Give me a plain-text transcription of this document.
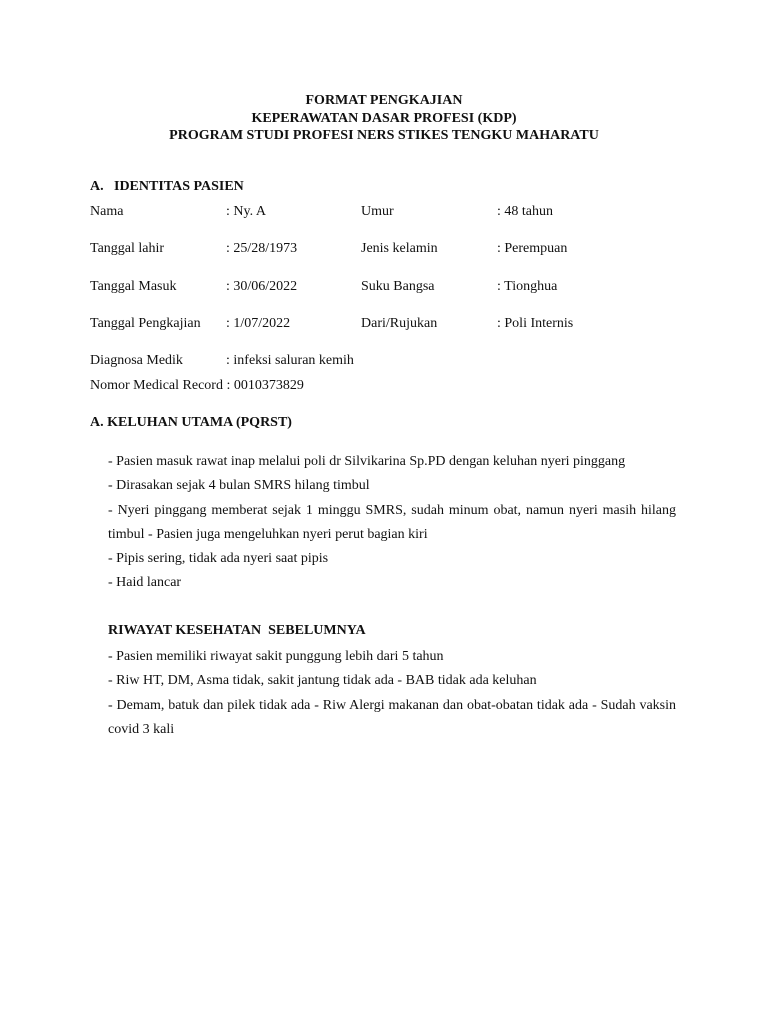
FORMAT PENGKAJIAN
KEPERAWATAN DASAR PROFESI (KDP)
PROGRAM STUDI PROFESI NERS STIKES TENGKU MAHARATU
A. IDENTITAS PASIEN
Nama	: Ny. A	Umur	: 48 tahun
Tanggal lahir	: 25/28/1973	Jenis kelamin	: Perempuan
Tanggal Masuk	: 30/06/2022	Suku Bangsa	: Tionghua
Tanggal Pengkajian : 1/07/2022	Dari/Rujukan	: Poli Internis
Diagnosa Medik	: infeksi saluran kemih
Nomor Medical Record : 0010373829
A. KELUHAN UTAMA (PQRST)

- Pasien masuk rawat inap melalui poli dr Silvikarina Sp.PD dengan keluhan nyeri pinggang

- Dirasakan sejak 4 bulan SMRS hilang timbul

- Nyeri pinggang memberat sejak 1 minggu SMRS, sudah minum obat, namun nyeri masih hilang timbul - Pasien juga mengeluhkan nyeri perut bagian kiri

- Pipis sering, tidak ada nyeri saat pipis

- Haid lancar

RIWAYAT KESEHATAN  SEBELUMNYA

- Pasien memiliki riwayat sakit punggung lebih dari 5 tahun

- Riw HT, DM, Asma tidak, sakit jantung tidak ada - BAB tidak ada keluhan

- Demam, batuk dan pilek tidak ada - Riw Alergi makanan dan obat-obatan tidak ada - Sudah vaksin covid 3 kali
